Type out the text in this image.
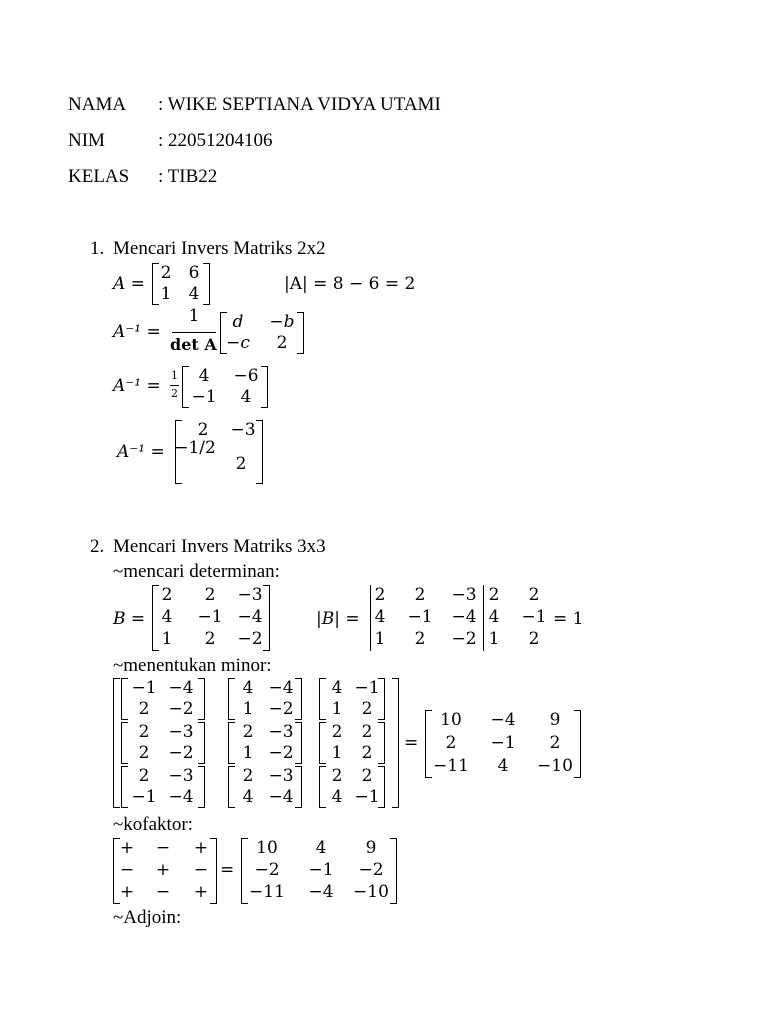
NAMA : WIKE SEPTIANA VIDYA UTAMI
NIM	: 22051204106
KELAS : TIB22
1. Mencari Invers Matriks 2x2
A =
2 6
1 4	|A| = 8 − 6 = 2
A⁻¹ =
1
det A
d −b
−c 2
A⁻¹ =
1
2
4 −6
−1 4
A⁻¹ =
2 −3
−1/2
2
2. Mencari Invers Matriks 3x3
~mencari determinan:
B =
2 2 −3
4 −1 −4
1 2 −2
|B| =
2 2 −3 2 2
4 −1 −4 4 −1
1 2 −2 1 2
= 1
~menentukan minor:
−1 −4
2 −2
4 −4
1 −2
4 −1
1 2
2 −3
2 −2
2 −3
1 −2
2 2
1 2
2 −3
−1 −4
2 −3
4 −4
2 2
4 −1
=
10 −4 9
2 −1 2
−11 4 −10
~kofaktor:
+ − +
− + −
+ − +
=
10 4 9
−2 −1 −2
−11 −4 −10
~Adjoin:
